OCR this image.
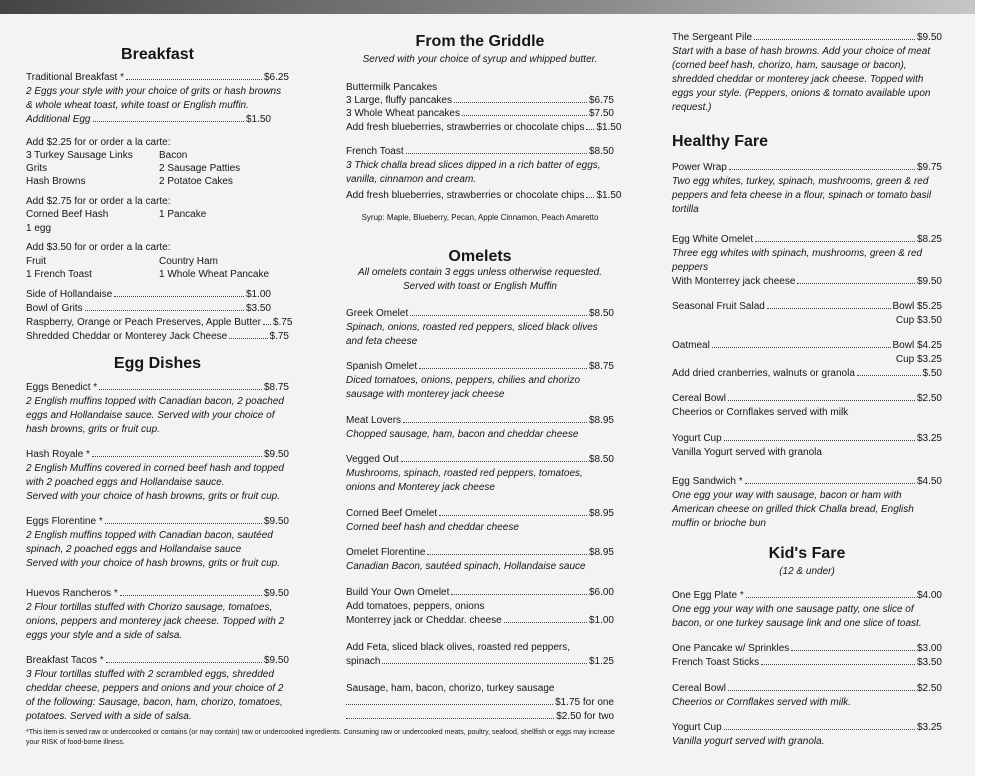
Breakfast
Traditional Breakfast *	$6.25
2 Eggs your style with your choice of grits or hash browns & whole wheat toast, white toast or English muffin.
Additional Egg	$1.50
Add $2.25 for or order a la carte:
3 Turkey Sausage Links	Bacon
Grits	2 Sausage Patties
Hash Browns	2 Potatoe Cakes
Add $2.75 for or order a la carte:
Corned Beef Hash	1 Pancake
1 egg
Add $3.50 for or order a la carte:
Fruit	Country Ham
1 French Toast	1 Whole Wheat Pancake
Side of Hollandaise	$1.00
Bowl of Grits	$3.50
Raspberry, Orange or Peach Preserves, Apple Butter $.75
Shredded Cheddar or Monterey Jack Cheese	$.75
Egg Dishes
Eggs Benedict *	$8.75
2 English muffins topped with Canadian bacon, 2 poached eggs and Hollandaise sauce. Served with your choice of hash browns, grits or fruit cup.
Hash Royale *	$9.50
2 English Muffins covered in corned beef hash and topped with 2 poached eggs and Hollandaise sauce.
Served with your choice of hash browns, grits or fruit cup.
Eggs Florentine *	$9.50
2 English muffins topped with Canadian bacon, sautéed spinach, 2 poached eggs and Hollandaise sauce
Served with your choice of hash browns, grits or fruit cup.
Huevos Rancheros *	$9.50
2 Flour tortillas stuffed with Chorizo sausage, tomatoes, onions, peppers and monterey jack cheese. Topped with 2 eggs your style and a side of salsa.
Breakfast Tacos *	$9.50
3 Flour tortillas stuffed with 2 scrambled eggs, shredded cheddar cheese, peppers and onions and your choice of 2 of the following: Sausage, bacon, ham, chorizo, tomatoes, potatoes. Served with a side of salsa.
*This item is served raw or undercooked or contains (or may contain) raw or undercooked ingredients. Consuming raw or undercooked meats, poultry, seafood, shellfish or eggs may increase your RISK of food-borne illness.
From the Griddle
Served with your choice of syrup and whipped butter.
Buttermilk Pancakes
3 Large, fluffy pancakes	$6.75
3 Whole Wheat pancakes	$7.50
Add fresh blueberries, strawberries or chocolate chips $1.50
French Toast	$8.50
3 Thick challa bread slices dipped in a rich batter of eggs, vanilla, cinnamon and cream.
Add fresh blueberries, strawberries or chocolate chips $1.50
Syrup: Maple, Blueberry, Pecan, Apple Cinnamon, Peach Amaretto
Omelets
All omelets contain 3 eggs unless otherwise requested. Served with toast or English Muffin
Greek Omelet	$8.50
Spinach, onions, roasted red peppers, sliced black olives and feta cheese
Spanish Omelet	$8.75
Diced tomatoes, onions, peppers, chilies and chorizo sausage with monterey jack cheese
Meat Lovers	$8.95
Chopped sausage, ham, bacon and cheddar cheese
Vegged Out	$8.50
Mushrooms, spinach, roasted red peppers, tomatoes, onions and Monterey jack cheese
Corned Beef Omelet	$8.95
Corned beef hash and cheddar cheese
Omelet Florentine	$8.95
Canadian Bacon, sautéed spinach, Hollandaise sauce
Build Your Own Omelet	$6.00
Add tomatoes, peppers, onions
Monterrey jack or Cheddar. cheese	$1.00
Add Feta, sliced black olives, roasted red peppers,
spinach	$1.25
Sausage, ham, bacon, chorizo, turkey sausage
$1.75 for one
$2.50 for two
The Sergeant Pile	$9.50
Start with a base of hash browns. Add your choice of meat (corned beef hash, chorizo, ham, sausage or bacon), shredded cheddar or monterey jack cheese. Topped with eggs your style. (Peppers, onions & tomato available upon request.)
Healthy Fare
Power Wrap	$9.75
Two egg whites, turkey, spinach, mushrooms, green & red peppers and feta cheese in a flour, spinach or tomato basil tortilla
Egg White Omelet	$8.25
Three egg whites with spinach, mushrooms, green & red peppers
With Monterrey jack cheese	$9.50
Seasonal Fruit Salad	Bowl $5.25
Cup $3.50
Oatmeal	Bowl $4.25
Cup $3.25
Add dried cranberries, walnuts or granola	$.50
Cereal Bowl	$2.50
Cheerios or Cornflakes served with milk
Yogurt Cup	$3.25
Vanilla Yogurt served with granola
Egg Sandwich *	$4.50
One egg your way with sausage, bacon or ham with American cheese on grilled thick Challa bread, English muffin or brioche bun
Kid's Fare
(12 & under)
One Egg Plate *	$4.00
One egg your way with one sausage patty, one slice of bacon, or one turkey sausage link and one slice of toast.
One Pancake w/ Sprinkles	$3.00
French Toast Sticks	$3.50
Cereal Bowl	$2.50
Cheerios or Cornflakes served with milk.
Yogurt Cup	$3.25
Vanilla yogurt served with granola.
